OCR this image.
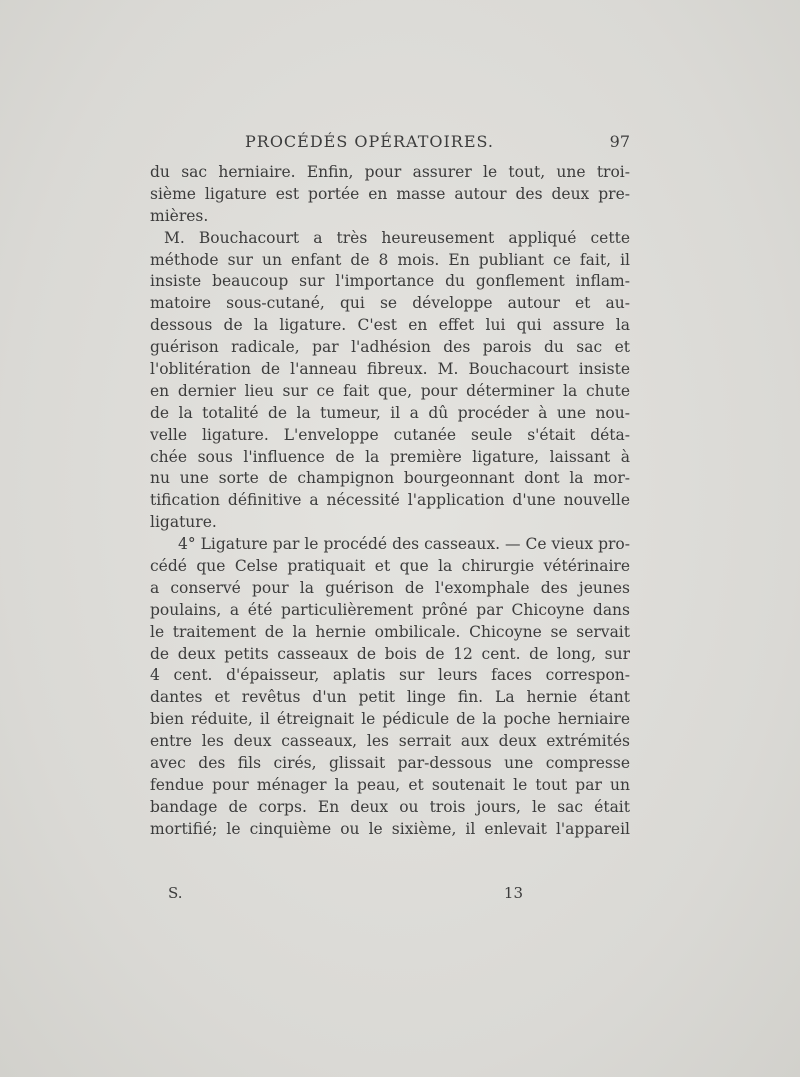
PROCÉDÉS OPÉRATOIRES.	97
du sac herniaire. Enfin, pour assurer le tout, une troi-
sième ligature est portée en masse autour des deux pre-
mières.
M. Bouchacourt a très heureusement appliqué cette
méthode sur un enfant de 8 mois. En publiant ce fait, il
insiste beaucoup sur l'importance du gonflement inflam-
matoire sous-cutané, qui se développe autour et au-
dessous de la ligature. C'est en effet lui qui assure la
guérison radicale, par l'adhésion des parois du sac et
l'oblitération de l'anneau fibreux. M. Bouchacourt insiste
en dernier lieu sur ce fait que, pour déterminer la chute
de la totalité de la tumeur, il a dû procéder à une nou-
velle ligature. L'enveloppe cutanée seule s'était déta-
chée sous l'influence de la première ligature, laissant à
nu une sorte de champignon bourgeonnant dont la mor-
tification définitive a nécessité l'application d'une nouvelle
ligature.
4° Ligature par le procédé des casseaux. — Ce vieux pro-
cédé que Celse pratiquait et que la chirurgie vétérinaire
a conservé pour la guérison de l'exomphale des jeunes
poulains, a été particulièrement prôné par Chicoyne dans
le traitement de la hernie ombilicale. Chicoyne se servait
de deux petits casseaux de bois de 12 cent. de long, sur
4 cent. d'épaisseur, aplatis sur leurs faces correspon-
dantes et revêtus d'un petit linge fin. La hernie étant
bien réduite, il étreignait le pédicule de la poche herniaire
entre les deux casseaux, les serrait aux deux extrémités
avec des fils cirés, glissait par-dessous une compresse
fendue pour ménager la peau, et soutenait le tout par un
bandage de corps. En deux ou trois jours, le sac était
mortifié; le cinquième ou le sixième, il enlevait l'appareil
S.	13
